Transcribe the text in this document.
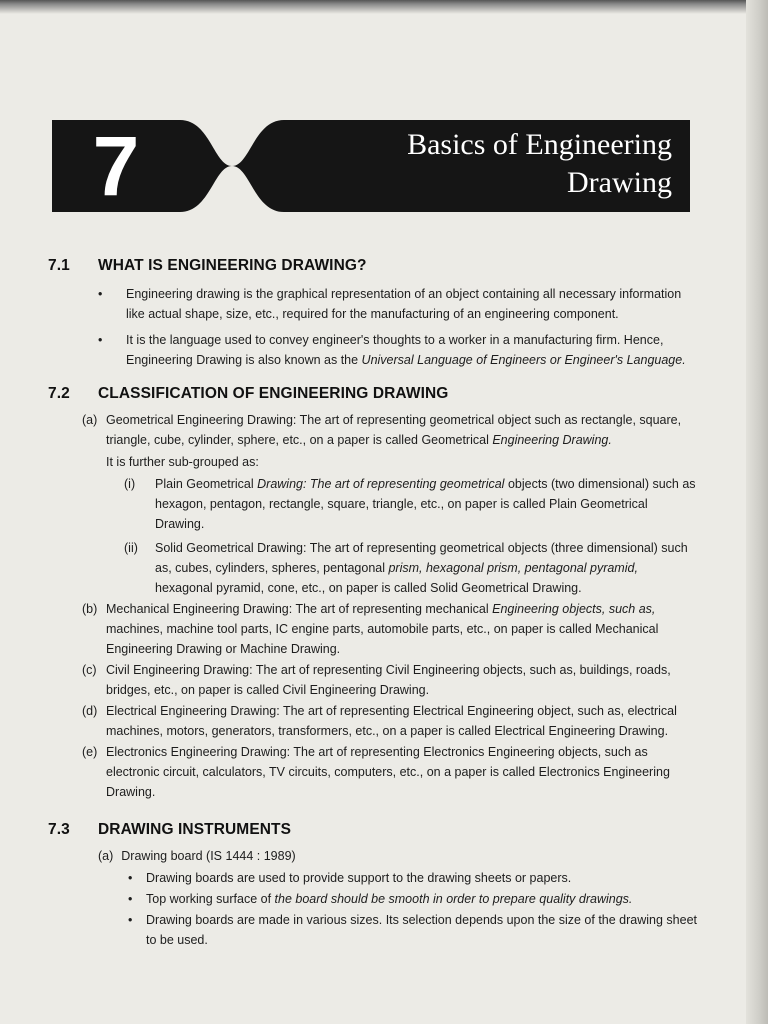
7	Basics of Engineering
Drawing
7.1	WHAT IS ENGINEERING DRAWING?
• Engineering drawing is the graphical representation of an object containing all necessary information like actual shape, size, etc., required for the manufacturing of an engineering component.
• It is the language used to convey engineer's thoughts to a worker in a manufacturing firm. Hence, Engineering Drawing is also known as the Universal Language of Engineers or Engineer's Language.
7.2	CLASSIFICATION OF ENGINEERING DRAWING
(a) Geometrical Engineering Drawing: The art of representing geometrical object such as rectangle, square, triangle, cube, cylinder, sphere, etc., on a paper is called Geometrical Engineering Drawing.
It is further sub-grouped as:
(i) Plain Geometrical Drawing: The art of representing geometrical objects (two dimensional) such as hexagon, pentagon, rectangle, square, triangle, etc., on paper is called Plain Geometrical Drawing.
(ii) Solid Geometrical Drawing: The art of representing geometrical objects (three dimensional) such as, cubes, cylinders, spheres, pentagonal prism, hexagonal prism, pentagonal pyramid, hexagonal pyramid, cone, etc., on paper is called Solid Geometrical Drawing.
(b) Mechanical Engineering Drawing: The art of representing mechanical Engineering objects, such as, machines, machine tool parts, IC engine parts, automobile parts, etc., on paper is called Mechanical Engineering Drawing or Machine Drawing.
(c) Civil Engineering Drawing: The art of representing Civil Engineering objects, such as, buildings, roads, bridges, etc., on paper is called Civil Engineering Drawing.
(d) Electrical Engineering Drawing: The art of representing Electrical Engineering object, such as, electrical machines, motors, generators, transformers, etc., on a paper is called Electrical Engineering Drawing.
(e) Electronics Engineering Drawing: The art of representing Electronics Engineering objects, such as electronic circuit, calculators, TV circuits, computers, etc., on a paper is called Electronics Engineering Drawing.
7.3	DRAWING INSTRUMENTS
(a) Drawing board (IS 1444 : 1989)
• Drawing boards are used to provide support to the drawing sheets or papers.
• Top working surface of the board should be smooth in order to prepare quality drawings.
• Drawing boards are made in various sizes. Its selection depends upon the size of the drawing sheet to be used.
